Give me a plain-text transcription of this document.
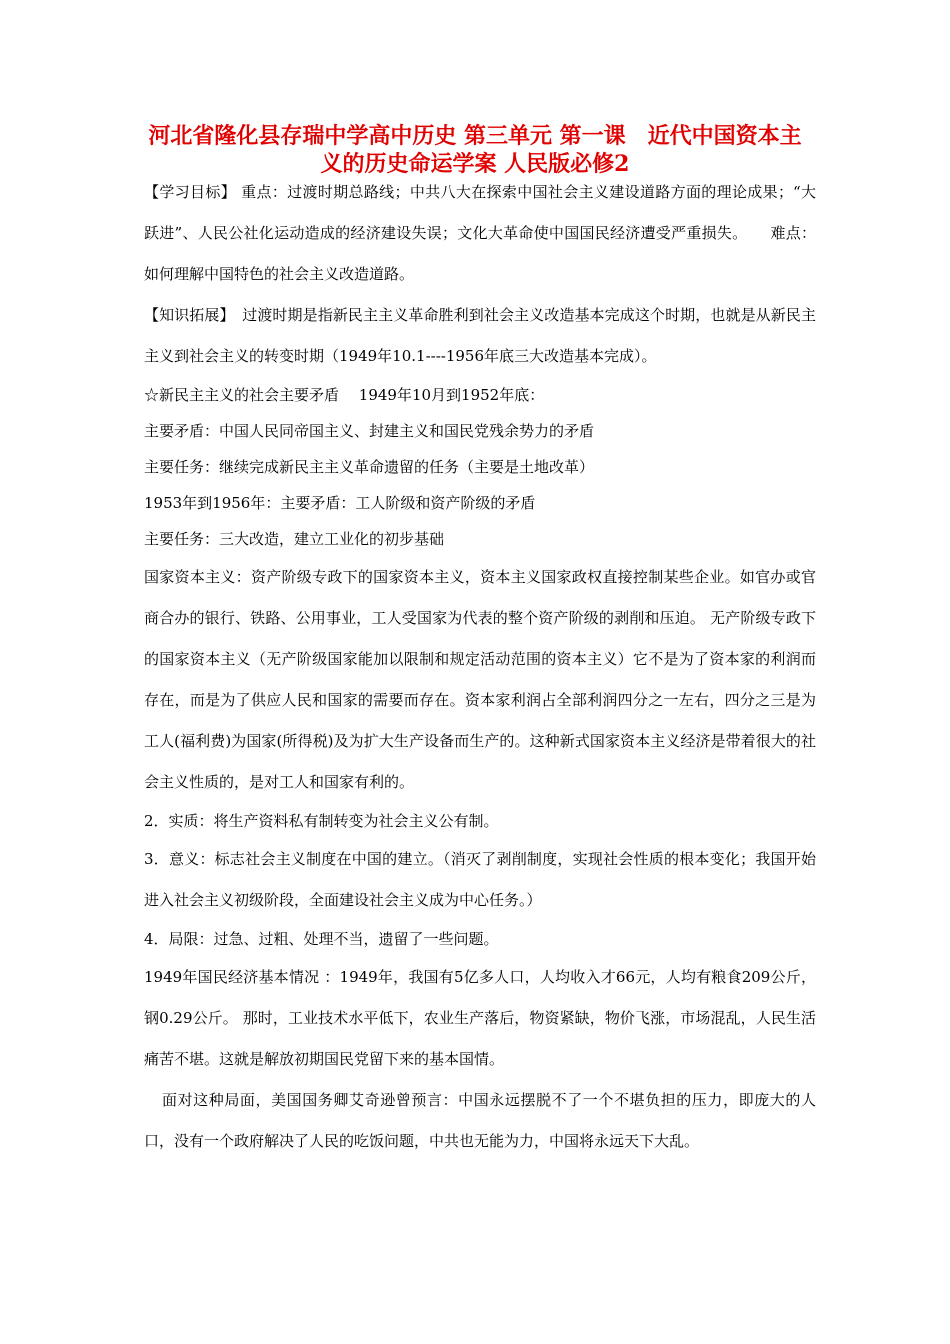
河北省隆化县存瑞中学高中历史 第三单元 第一课　近代中国资本主义的历史命运学案 人民版必修2

【学习目标】 重点：过渡时期总路线；中共八大在探索中国社会主义建设道路方面的理论成果；“大跃进”、人民公社化运动造成的经济建设失误；文化大革命使中国国民经济遭受严重损失。　　难点：如何理解中国特色的社会主义改造道路。

【知识拓展】　过渡时期是指新民主主义革命胜利到社会主义改造基本完成这个时期，也就是从新民主主义到社会主义的转变时期（1949年10.1----1956年底三大改造基本完成）。

☆新民主主义的社会主要矛盾　 1949年10月到1952年底：

主要矛盾：中国人民同帝国主义、封建主义和国民党残余势力的矛盾

主要任务：继续完成新民主主义革命遗留的任务（主要是土地改革）

1953年到1956年：主要矛盾：工人阶级和资产阶级的矛盾

主要任务：三大改造，建立工业化的初步基础

国家资本主义：资产阶级专政下的国家资本主义，资本主义国家政权直接控制某些企业。如官办或官商合办的银行、铁路、公用事业，工人受国家为代表的整个资产阶级的剥削和压迫。 无产阶级专政下的国家资本主义（无产阶级国家能加以限制和规定活动范围的资本主义）它不是为了资本家的利润而存在，而是为了供应人民和国家的需要而存在。资本家利润占全部利润四分之一左右，四分之三是为工人(福利费)为国家(所得税)及为扩大生产设备而生产的。这种新式国家资本主义经济是带着很大的社会主义性质的，是对工人和国家有利的。

2．实质：将生产资料私有制转变为社会主义公有制。

3．意义：标志社会主义制度在中国的建立。（消灭了剥削制度，实现社会性质的根本变化；我国开始进入社会主义初级阶段，全面建设社会主义成为中心任务。）

4．局限：过急、过粗、处理不当，遗留了一些问题。

1949年国民经济基本情况 ：1949年，我国有5亿多人口，人均收入才66元，人均有粮食209公斤，钢0.29公斤。 那时，工业技术水平低下，农业生产落后，物资紧缺，物价飞涨，市场混乱，人民生活痛苦不堪。这就是解放初期国民党留下来的基本国情。

面对这种局面，美国国务卿艾奇逊曾预言：中国永远摆脱不了一个不堪负担的压力，即庞大的人口，没有一个政府解决了人民的吃饭问题，中共也无能为力，中国将永远天下大乱。
